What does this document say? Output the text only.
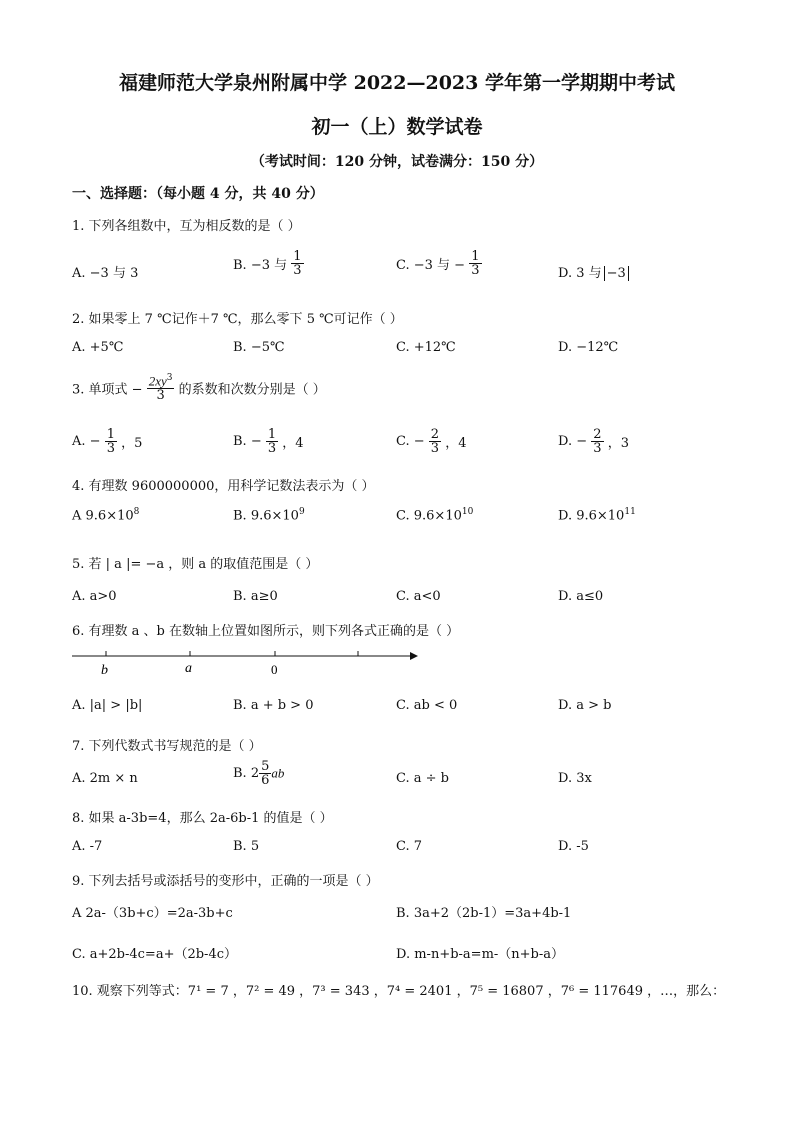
福建师范大学泉州附属中学 2022—2023 学年第一学期期中考试
初一（上）数学试卷
（考试时间：120 分钟，试卷满分：150 分）
一、选择题：（每小题 4 分，共 40 分）
1. 下列各组数中，互为相反数的是（ ）
A. −3 与 3
B. −3 与 $\frac{1}{3}$	C. −3 与 − $\frac{1}{3}$	D. 3 与 −3
2. 如果零上 7 ℃记作＋7 ℃，那么零下 5 ℃可记作（ ）
A. +5℃	B. −5℃	C. +12℃	D. −12℃
3. 单项式 − $\frac{2xy^3}{3}$ 的系数和次数分别是（ ）
A. − $\frac{1}{3}$ ，5	B. − $\frac{1}{3}$ ，4	C. − $\frac{2}{3}$ ，4	D. − $\frac{2}{3}$ ，3
4. 有理数 9600000000，用科学记数法表示为（ ）
A $9.6\times 10^8$	B. $9.6\times 10^9$	C. $9.6\times 10^{10}$	D. $9.6\times 10^{11}$
5. 若 | a |= −a ，则 a 的取值范围是（ ）
A. a>0	B. a≥0	C. a<0	D. a≤0
6. 有理数 a 、b 在数轴上位置如图所示，则下列各式正确的是（ ）
b	a	0
A. |a| > |b|	B. a + b > 0	C. ab < 0	D. a > b
7. 下列代数式书写规范的是（ ）
A. 2m × n	B. $2 \frac{5}{6}$ ab	C. a ÷ b	D. 3x
8. 如果 a-3b=4，那么 2a-6b-1 的值是（ ）
A. -7	B. 5	C. 7	D. -5
9. 下列去括号或添括号的变形中，正确的一项是（ ）
A 2a-（3b+c）=2a-3b+c	B. 3a+2（2b-1）=3a+4b-1
C. a+2b-4c=a+（2b-4c）	D. m-n+b-a=m-（n+b-a）
10. 观察下列等式：7¹ = 7 ，7² = 49 ，7³ = 343 ，7⁴ = 2401 ，7⁵ = 16807 ，7⁶ = 117649 ，…，那么：
